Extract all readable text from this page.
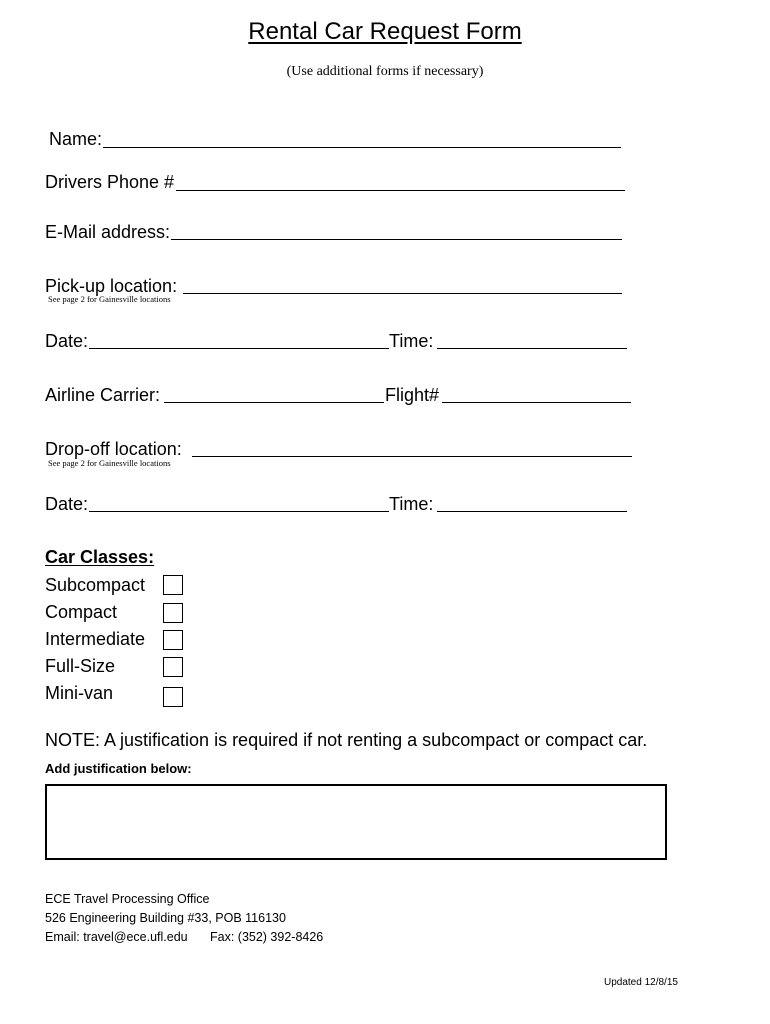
Rental Car Request Form
(Use additional forms if necessary)
Name:
Drivers Phone #
E-Mail address:
Pick-up location:
See page 2 for Gainesville locations
Date:	Time:
Airline Carrier:	Flight#
Drop-off location:
See page 2 for Gainesville locations
Date:	Time:
Car Classes:
Subcompact
Compact
Intermediate
Full-Size
Mini-van
NOTE: A justification is required if not renting a subcompact or compact car.
Add justification below:
ECE Travel Processing Office
526 Engineering Building #33, POB 116130
Email: travel@ece.ufl.edu Fax: (352) 392-8426
Updated 12/8/15
